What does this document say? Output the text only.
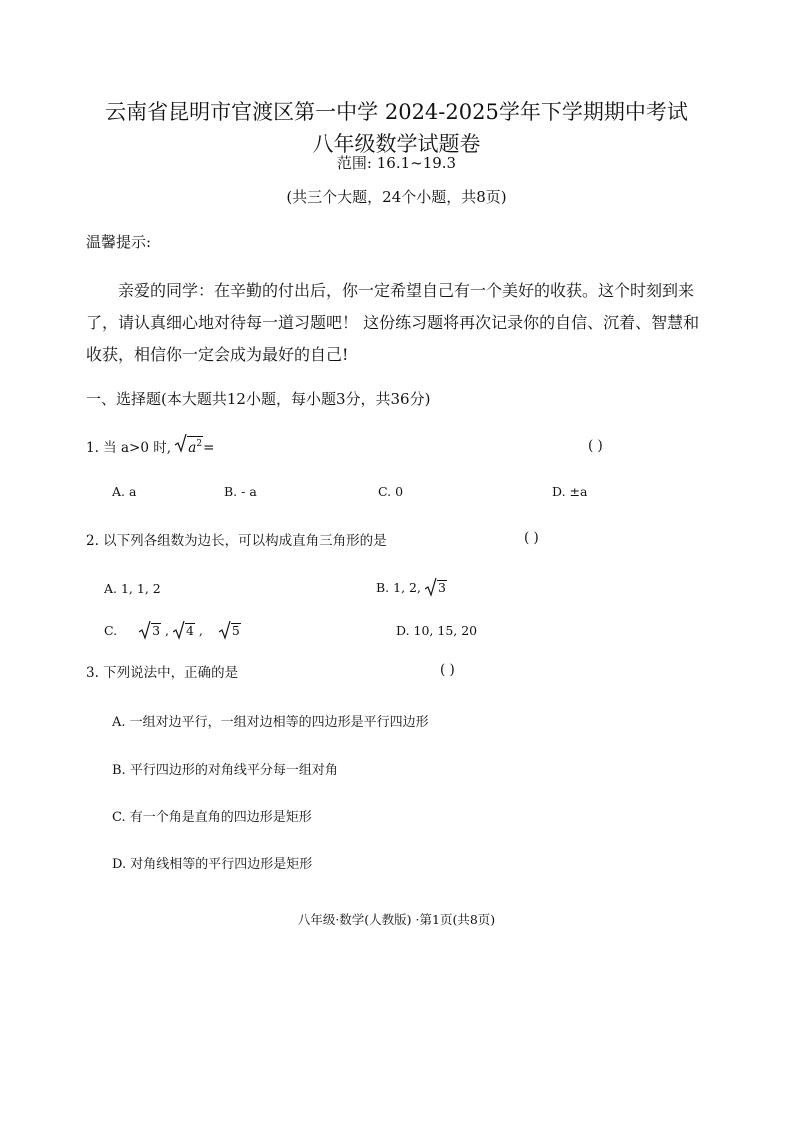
云南省昆明市官渡区第一中学 2024-2025学年下学期期中考试
八年级数学试题卷
范围: 16.1~19.3
(共三个大题，24个小题，共8页)
温馨提示:
亲爱的同学：在辛勤的付出后，你一定希望自己有一个美好的收获。这个时刻到来了，请认真细心地对待每一道习题吧！ 这份练习题将再次记录你的自信、沉着、智慧和收获，相信你一定会成为最好的自己!
一、选择题(本大题共12小题，每小题3分，共36分)
1. 当 a>0 时, $a^2=$	( )
A. a	B. - a	C. 0	D. ±a
2. 以下列各组数为边长，可以构成直角三角形的是	( )
A. 1, 1, 2	B. 1, 2, 3
C.	3 , 4 , 5	D. 10, 15, 20
3. 下列说法中，正确的是	( )
A. 一组对边平行，一组对边相等的四边形是平行四边形
B. 平行四边形的对角线平分每一组对角
C. 有一个角是直角的四边形是矩形
D. 对角线相等的平行四边形是矩形
八年级·数学(人教版) ·第1页(共8页)
